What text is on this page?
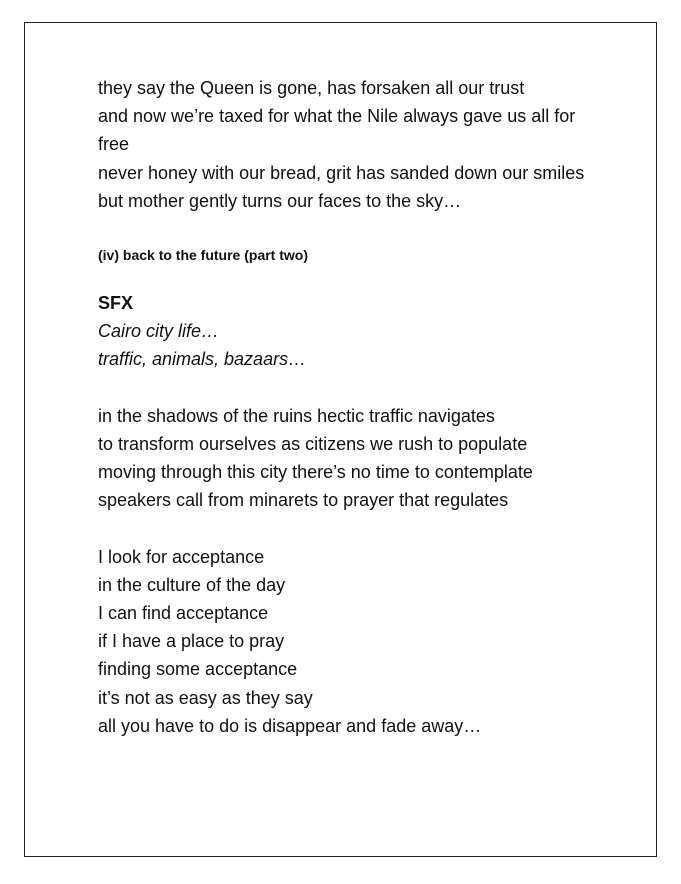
they say the Queen is gone, has forsaken all our trust
and now we’re taxed for what the Nile always gave us all for free
never honey with our bread, grit has sanded down our smiles
but mother gently turns our faces to the sky…
(iv) back to the future (part two)
SFX
Cairo city life…
traffic, animals, bazaars…
in the shadows of the ruins hectic traffic navigates
to transform ourselves as citizens we rush to populate
moving through this city there’s no time to contemplate
speakers call from minarets to prayer that regulates
I look for acceptance
in the culture of the day
I can find acceptance
if I have a place to pray
finding some acceptance
it’s not as easy as they say
all you have to do is disappear and fade away…
